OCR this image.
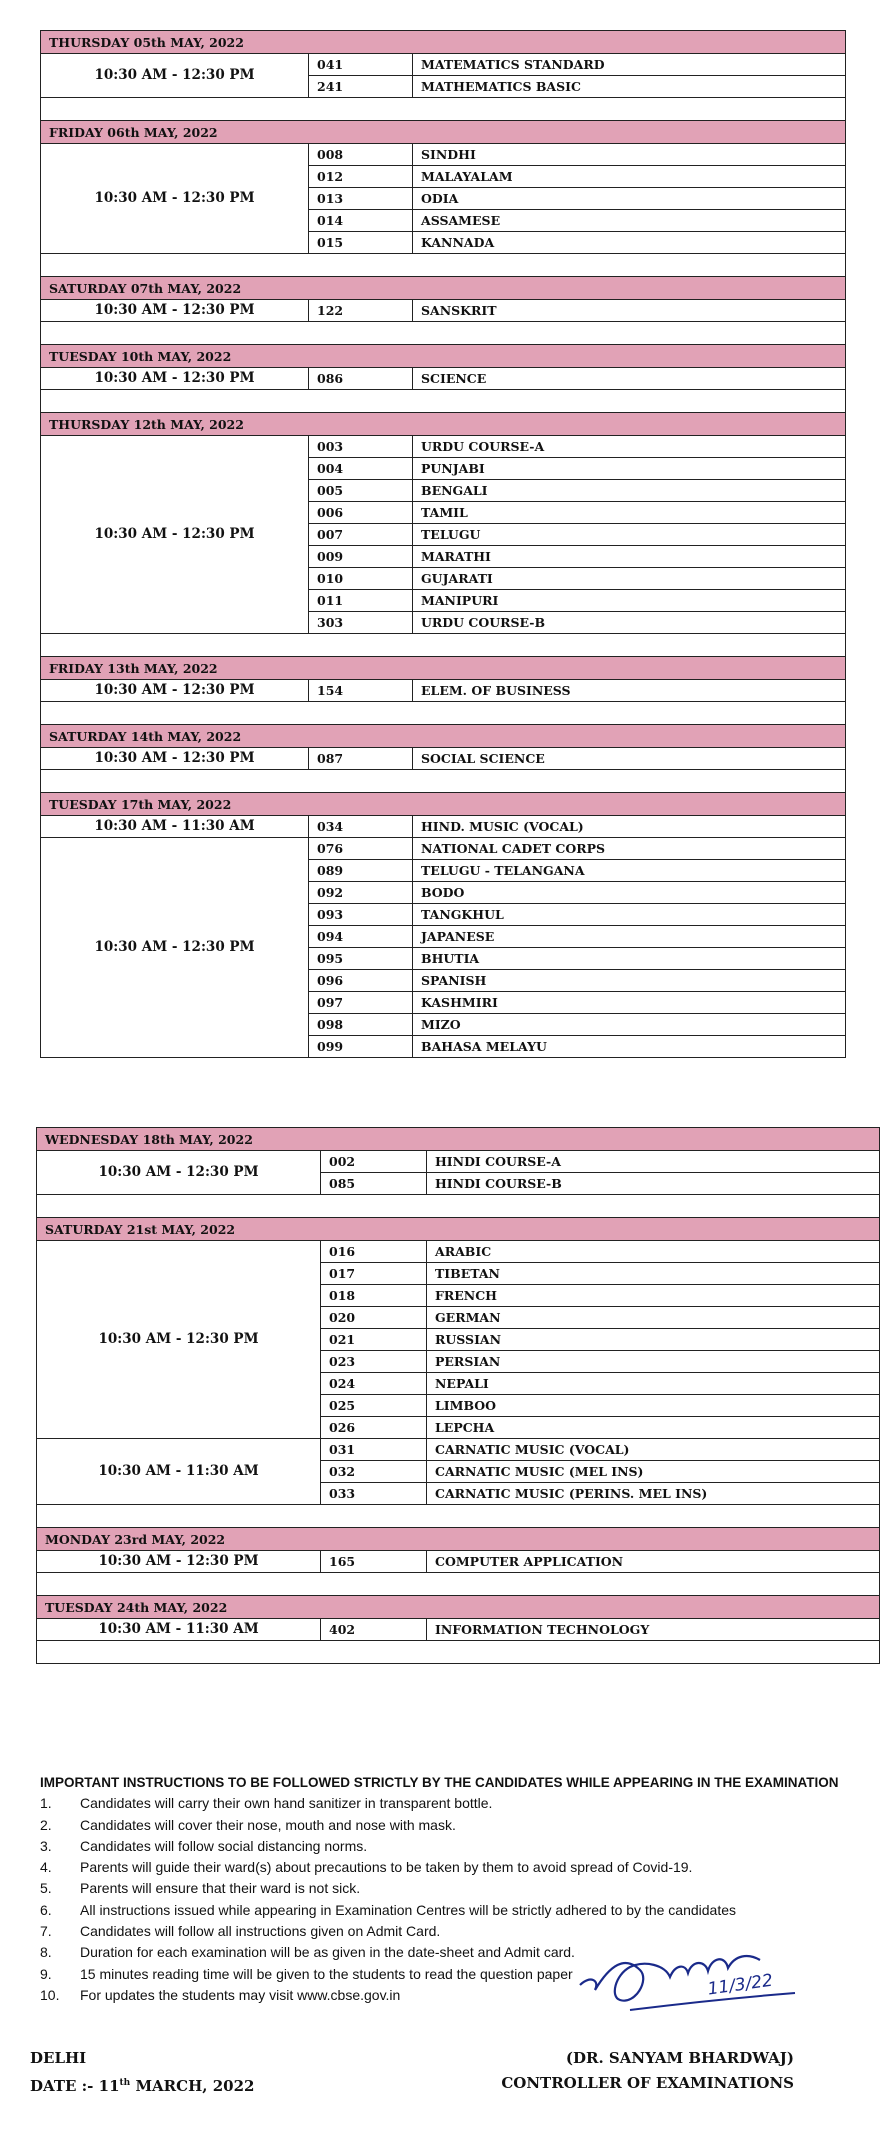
THURSDAY 05th MAY, 2022		
10:30 AM - 12:30 PM	041	MATEMATICS STANDARD
	241	MATHEMATICS BASIC

FRIDAY 06th MAY, 2022		
10:30 AM - 12:30 PM	008	SINDHI
	012	MALAYALAM
	013	ODIA
	014	ASSAMESE
	015	KANNADA

SATURDAY 07th MAY, 2022		
10:30 AM - 12:30 PM	122	SANSKRIT

TUESDAY 10th MAY, 2022		
10:30 AM - 12:30 PM	086	SCIENCE

THURSDAY 12th MAY, 2022		
10:30 AM - 12:30 PM	003	URDU COURSE-A
	004	PUNJABI
	005	BENGALI
	006	TAMIL
	007	TELUGU
	009	MARATHI
	010	GUJARATI
	011	MANIPURI
	303	URDU COURSE-B

FRIDAY 13th MAY, 2022		
10:30 AM - 12:30 PM	154	ELEM. OF BUSINESS

SATURDAY 14th MAY, 2022		
10:30 AM - 12:30 PM	087	SOCIAL SCIENCE

TUESDAY 17th MAY, 2022		
10:30 AM - 11:30 AM	034	HIND. MUSIC (VOCAL)
10:30 AM - 12:30 PM	076	NATIONAL CADET CORPS
	089	TELUGU - TELANGANA
	092	BODO
	093	TANGKHUL
	094	JAPANESE
	095	BHUTIA
	096	SPANISH
	097	KASHMIRI
	098	MIZO
	099	BAHASA MELAYU
WEDNESDAY 18th MAY, 2022		
10:30 AM - 12:30 PM	002	HINDI COURSE-A
	085	HINDI COURSE-B

SATURDAY 21st MAY, 2022		
10:30 AM - 12:30 PM	016	ARABIC
	017	TIBETAN
	018	FRENCH
	020	GERMAN
	021	RUSSIAN
	023	PERSIAN
	024	NEPALI
	025	LIMBOO
	026	LEPCHA
10:30 AM - 11:30 AM	031	CARNATIC MUSIC (VOCAL)
	032	CARNATIC MUSIC (MEL INS)
	033	CARNATIC MUSIC (PERINS. MEL INS)

MONDAY 23rd MAY, 2022		
10:30 AM - 12:30 PM	165	COMPUTER APPLICATION

TUESDAY 24th MAY, 2022		
10:30 AM - 11:30 AM	402	INFORMATION TECHNOLOGY

IMPORTANT INSTRUCTIONS TO BE FOLLOWED STRICTLY BY THE CANDIDATES WHILE APPEARING IN THE EXAMINATION
1.	Candidates will carry their own hand sanitizer in transparent bottle.
2.	Candidates will cover their nose, mouth and nose with mask.
3.	Candidates will follow social distancing norms.
4.	Parents will guide their ward(s) about precautions to be taken by them to avoid spread of Covid-19.
5.	Parents will ensure that their ward is not sick.
6.	All instructions issued while appearing in Examination Centres will be strictly adhered to by the candidates
7.	Candidates will follow all instructions given on Admit Card.
8.	Duration for each examination will be as given in the date-sheet and Admit card.
9.	15 minutes reading time will be given to the students to read the question paper
10.	For updates the students may visit www.cbse.gov.in	11/3/22
DELHI
DATE :- 11th MARCH, 2022
(DR. SANYAM BHARDWAJ)
CONTROLLER OF EXAMINATIONS
